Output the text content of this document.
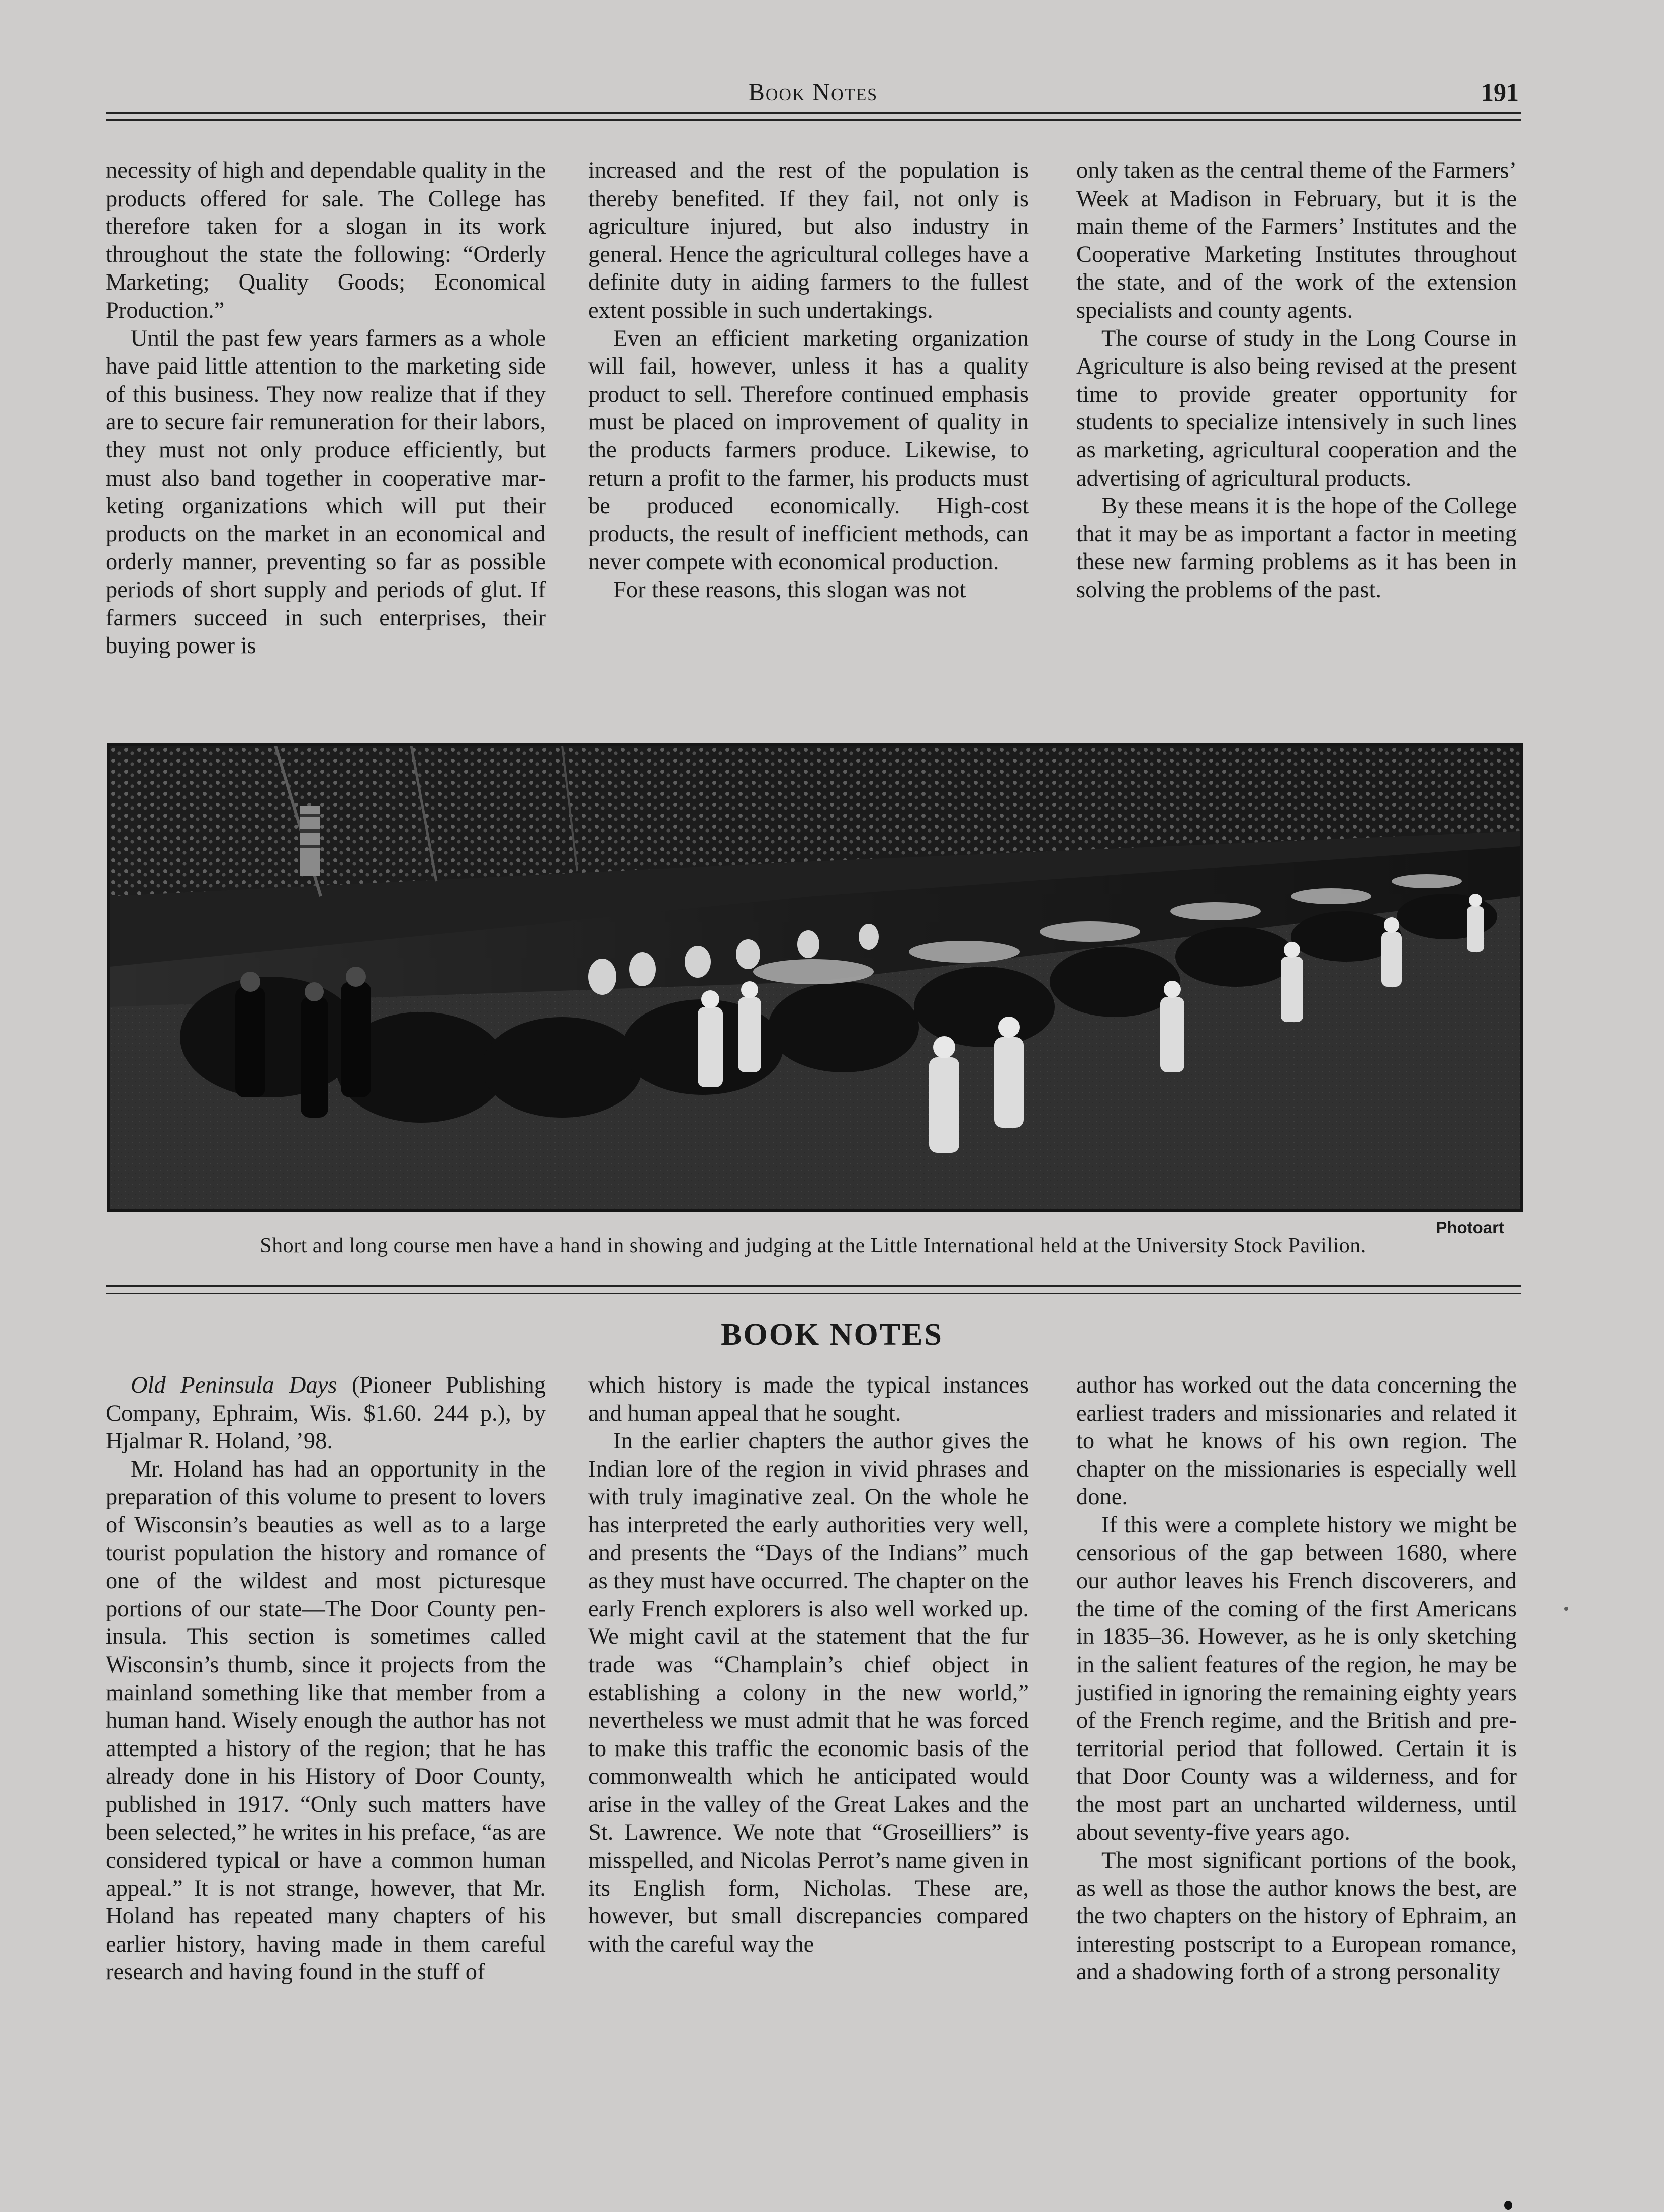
Book Notes	191

necessity of high and dependable quality in the products offered for sale. The College has therefore taken for a slogan in its work throughout the state the following: “Orderly Marketing; Quality Goods; Economical Production.”

Until the past few years farmers as a whole have paid little attention to the marketing side of this business. They now realize that if they are to secure fair remuneration for their labors, they must not only produce efficiently, but must also band together in cooperative marketing organizations which will put their products on the market in an economical and orderly manner, preventing so far as possible periods of short supply and periods of glut. If farmers succeed in such enterprises, their buying power is

increased and the rest of the population is thereby benefited. If they fail, not only is agriculture injured, but also industry in general. Hence the agricultural colleges have a definite duty in aiding farmers to the fullest extent possible in such undertakings.

Even an efficient marketing organization will fail, however, unless it has a quality product to sell. Therefore continued emphasis must be placed on improvement of quality in the products farmers produce. Likewise, to return a profit to the farmer, his products must be produced economically. High-cost products, the result of inefficient methods, can never compete with economical production.

For these reasons, this slogan was not

only taken as the central theme of the Farmers’ Week at Madison in February, but it is the main theme of the Farmers’ Institutes and the Cooperative Marketing Institutes throughout the state, and of the work of the extension specialists and county agents.

The course of study in the Long Course in Agriculture is also being revised at the present time to provide greater opportunity for students to specialize intensively in such lines as marketing, agricultural cooperation and the advertising of agricultural products.

By these means it is the hope of the College that it may be as important a factor in meeting these new farming problems as it has been in solving the problems of the past.

Photoart
Short and long course men have a hand in showing and judging at the Little International held at the University Stock Pavilion.
BOOK NOTES

Old Peninsula Days (Pioneer Publishing Company, Ephraim, Wis. $1.60. 244 p.), by Hjalmar R. Holand, ’98.

Mr. Holand has had an opportunity in the preparation of this volume to present to lovers of Wisconsin’s beauties as well as to a large tourist population the history and romance of one of the wildest and most picturesque portions of our state—The Door County peninsula. This section is sometimes called Wisconsin’s thumb, since it projects from the mainland something like that member from a human hand. Wisely enough the author has not attempted a history of the region; that he has already done in his History of Door County, published in 1917. “Only such matters have been selected,” he writes in his preface, “as are considered typical or have a common human appeal.” It is not strange, however, that Mr. Holand has repeated many chapters of his earlier history, having made in them careful research and having found in the stuff of

which history is made the typical instances and human appeal that he sought.

In the earlier chapters the author gives the Indian lore of the region in vivid phrases and with truly imaginative zeal. On the whole he has interpreted the early authorities very well, and presents the “Days of the Indians” much as they must have occurred. The chapter on the early French explorers is also well worked up. We might cavil at the statement that the fur trade was “Champlain’s chief object in establishing a colony in the new world,” nevertheless we must admit that he was forced to make this traffic the economic basis of the commonwealth which he anticipated would arise in the valley of the Great Lakes and the St. Lawrence. We note that “Groseilliers” is misspelled, and Nicolas Perrot’s name given in its English form, Nicholas. These are, however, but small discrepancies compared with the careful way the

author has worked out the data concerning the earliest traders and missionaries and related it to what he knows of his own region. The chapter on the missionaries is especially well done.

If this were a complete history we might be censorious of the gap between 1680, where our author leaves his French discoverers, and the time of the coming of the first Americans in 1835–36. However, as he is only sketching in the salient features of the region, he may be justified in ignoring the remaining eighty years of the French regime, and the British and pre-territorial period that followed. Certain it is that Door County was a wilderness, and for the most part an uncharted wilderness, until about seventy-five years ago.

The most significant portions of the book, as well as those the author knows the best, are the two chapters on the history of Ephraim, an interesting postscript to a European romance, and a shadowing forth of a strong personality
